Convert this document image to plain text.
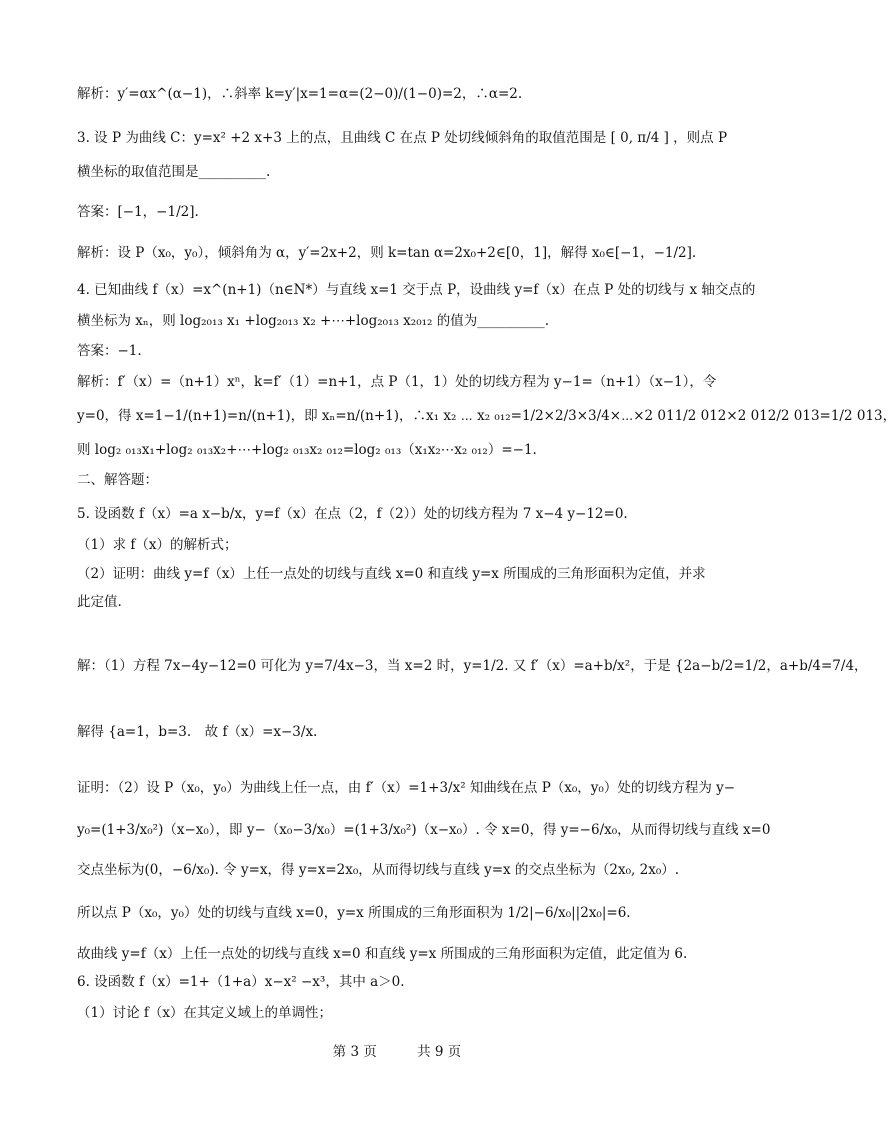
解析：y′=αx^(α−1)，∴斜率 k=y′|x=1=α=(2−0)/(1−0)=2，∴α=2.
3. 设 P 为曲线 C：y=x² +2 x+3 上的点，且曲线 C 在点 P 处切线倾斜角的取值范围是 [ 0, π/4 ] ，则点 P
横坐标的取值范围是__________.
答案：[−1，−1/2].
解析：设 P（x₀，y₀），倾斜角为 α，y′=2x+2，则 k=tan α=2x₀+2∈[0，1]，解得 x₀∈[−1，−1/2].
4. 已知曲线 f（x）=x^(n+1)（n∈N*）与直线 x=1 交于点 P，设曲线 y=f（x）在点 P 处的切线与 x 轴交点的
横坐标为 xₙ，则 log₂₀₁₃ x₁ +log₂₀₁₃ x₂ +⋯+log₂₀₁₃ x₂₀₁₂ 的值为__________.
答案：−1.
解析：f′（x）=（n+1）xⁿ，k=f′（1）=n+1，点 P（1，1）处的切线方程为 y−1=（n+1）（x−1），令
y=0，得 x=1−1/(n+1)=n/(n+1)，即 xₙ=n/(n+1)，∴x₁ x₂ ⋯ x₂ ₀₁₂=1/2×2/3×3/4×⋯×2 011/2 012×2 012/2 013=1/2 013，
则 log₂ ₀₁₃x₁+log₂ ₀₁₃x₂+⋯+log₂ ₀₁₃x₂ ₀₁₂=log₂ ₀₁₃（x₁x₂⋯x₂ ₀₁₂）=−1.
二、解答题：
5. 设函数 f（x）=a x−b/x，y=f（x）在点（2，f（2））处的切线方程为 7 x−4 y−12=0.
（1）求 f（x）的解析式；
（2）证明：曲线 y=f（x）上任一点处的切线与直线 x=0 和直线 y=x 所围成的三角形面积为定值，并求
此定值.
解：（1）方程 7x−4y−12=0 可化为 y=7/4x−3，当 x=2 时，y=1/2. 又 f′（x）=a+b/x²，于是 {2a−b/2=1/2，a+b/4=7/4，
解得 {a=1，b=3.　故 f（x）=x−3/x.
证明：（2）设 P（x₀，y₀）为曲线上任一点，由 f′（x）=1+3/x² 知曲线在点 P（x₀，y₀）处的切线方程为 y−
y₀=(1+3/x₀²)（x−x₀），即 y−（x₀−3/x₀）=(1+3/x₀²)（x−x₀）. 令 x=0，得 y=−6/x₀，从而得切线与直线 x=0
交点坐标为(0，−6/x₀). 令 y=x，得 y=x=2x₀，从而得切线与直线 y=x 的交点坐标为（2x₀, 2x₀）.
所以点 P（x₀，y₀）处的切线与直线 x=0，y=x 所围成的三角形面积为 1/2|−6/x₀||2x₀|=6.
故曲线 y=f（x）上任一点处的切线与直线 x=0 和直线 y=x 所围成的三角形面积为定值，此定值为 6.
6. 设函数 f（x）=1+（1+a）x−x² −x³，其中 a＞0.
（1）讨论 f（x）在其定义域上的单调性；
第 3 页	共 9 页
